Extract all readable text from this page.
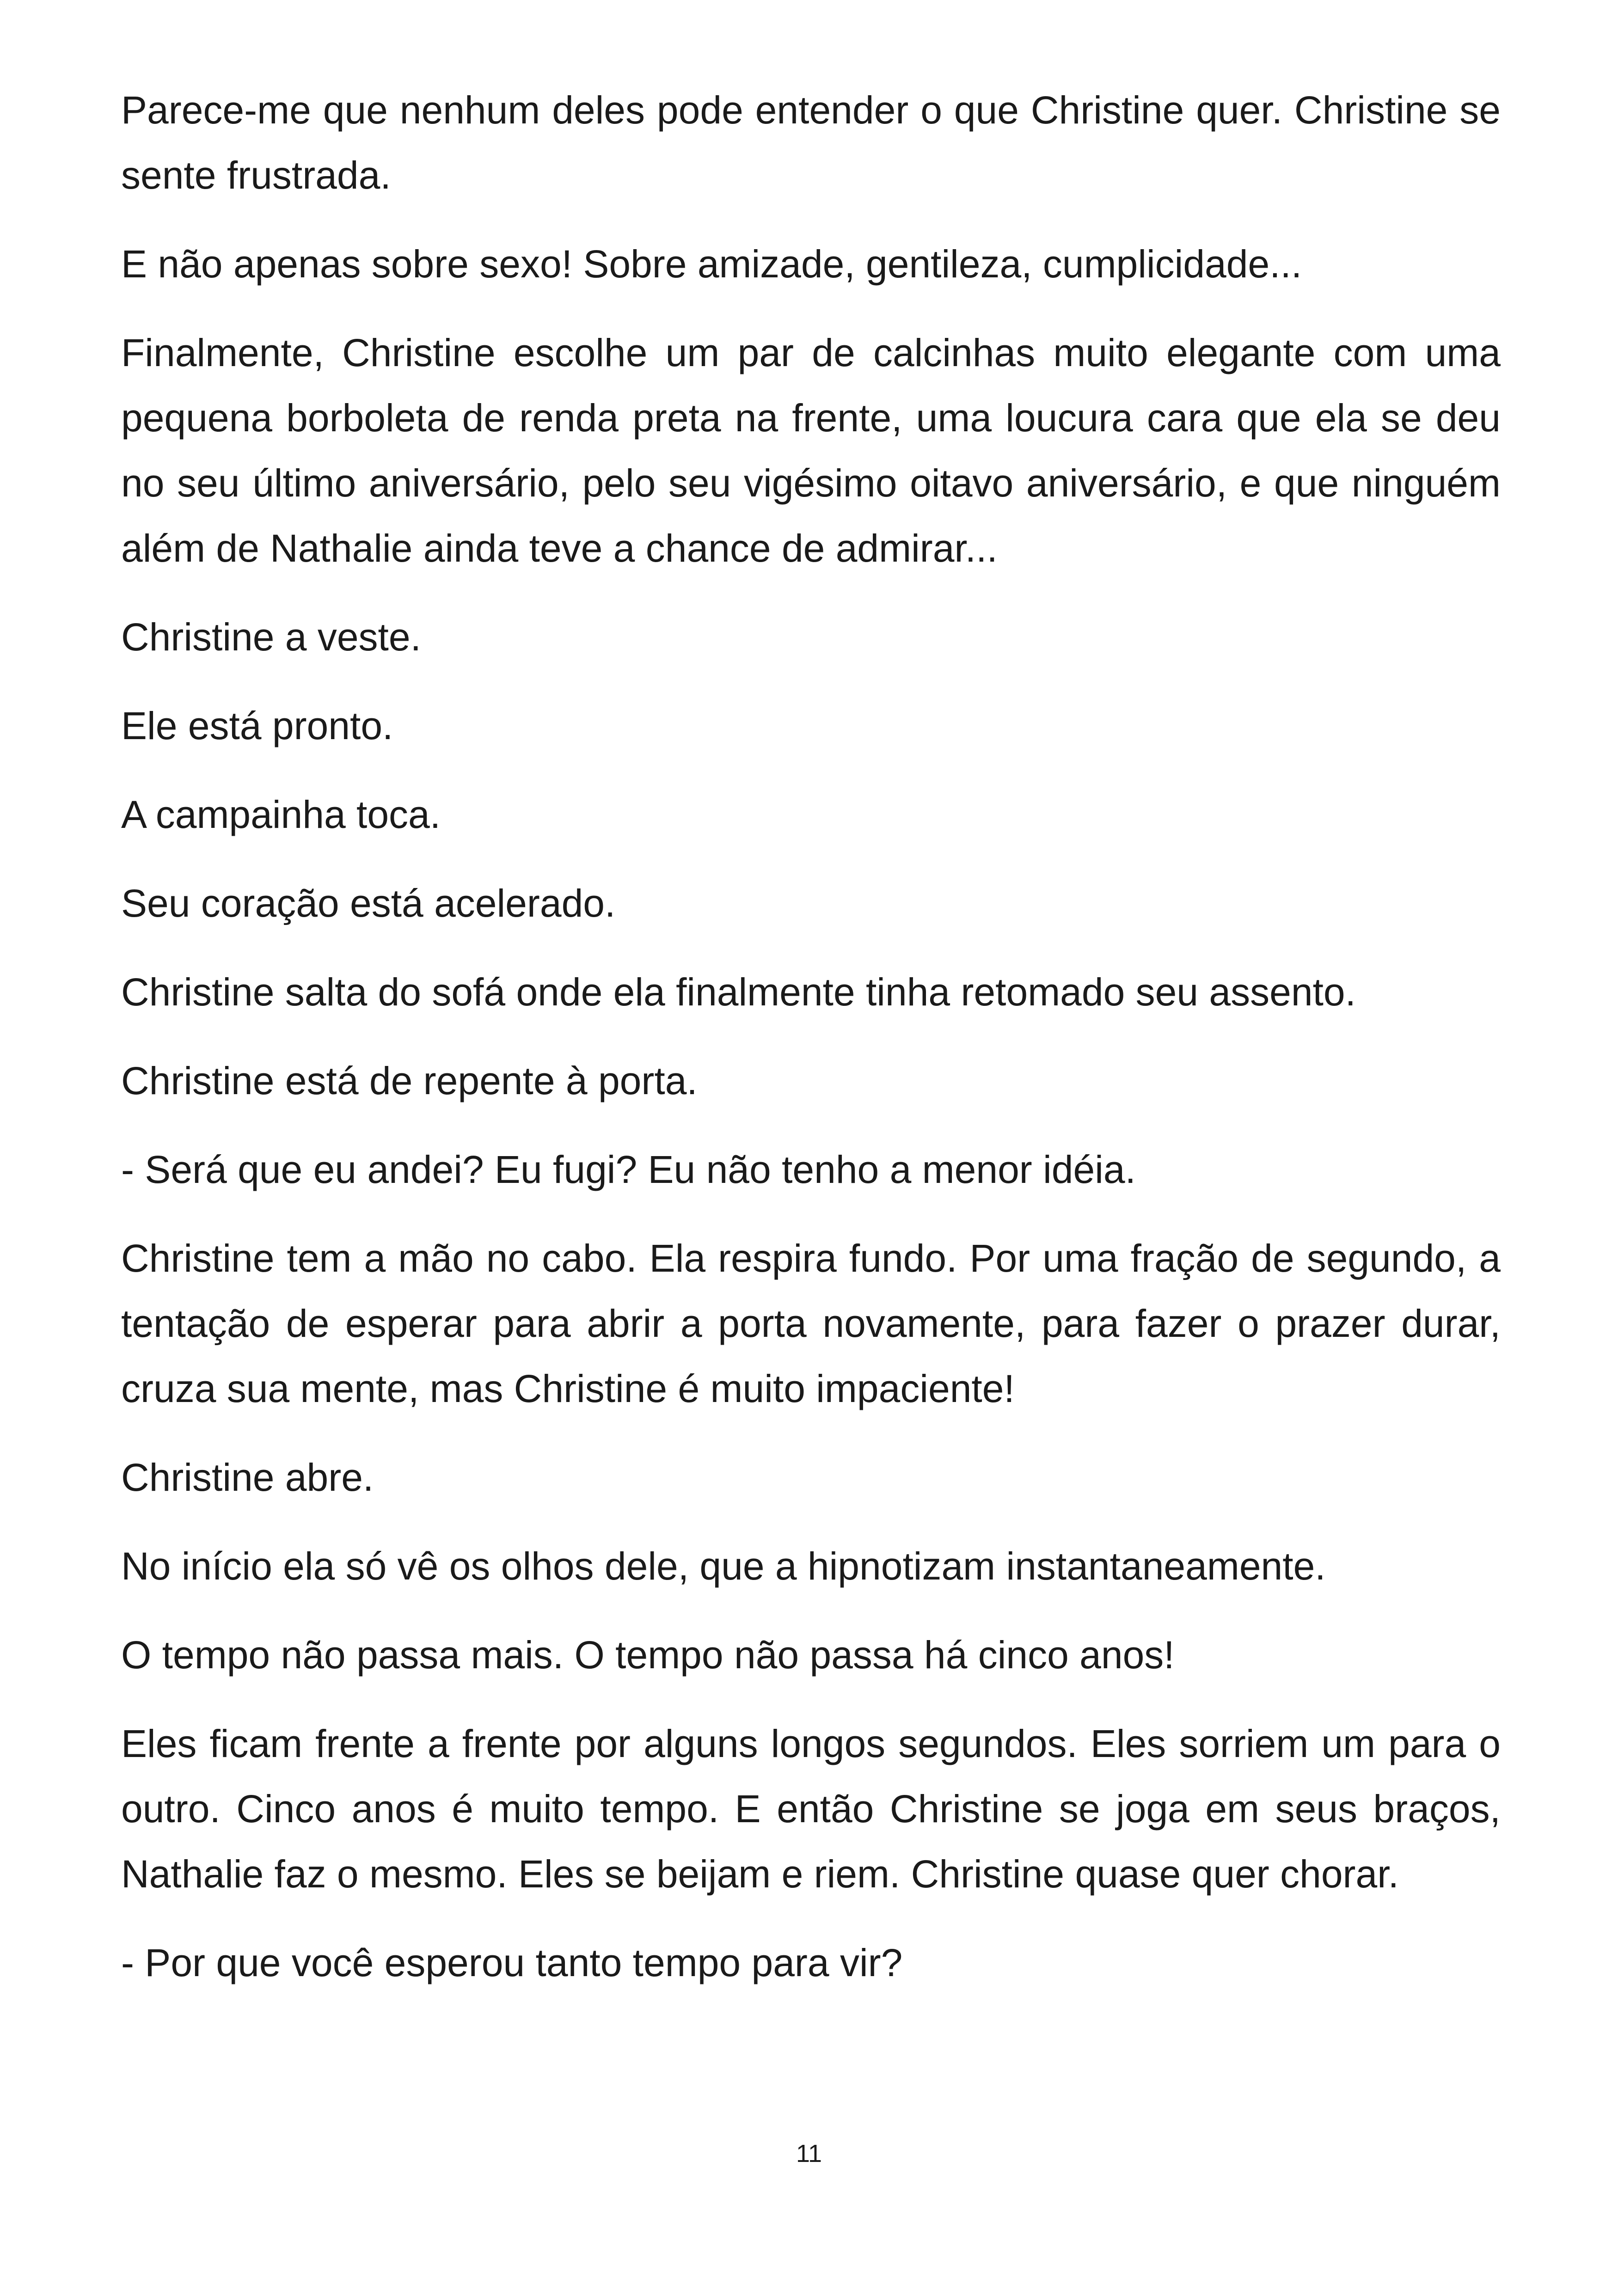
Parece-me que nenhum deles pode entender o que Christine quer. Christine se sente frustrada.

E não apenas sobre sexo! Sobre amizade, gentileza, cumplicidade...

Finalmente, Christine escolhe um par de calcinhas muito elegante com uma pequena borboleta de renda preta na frente, uma loucura cara que ela se deu no seu último aniversário, pelo seu vigésimo oitavo aniversário, e que ninguém além de Nathalie ainda teve a chance de admirar...

Christine a veste.

Ele está pronto.

A campainha toca.

Seu coração está acelerado.

Christine salta do sofá onde ela finalmente tinha retomado seu assento.

Christine está de repente à porta.

- Será que eu andei? Eu fugi? Eu não tenho a menor idéia.

Christine tem a mão no cabo. Ela respira fundo. Por uma fração de segundo, a tentação de esperar para abrir a porta novamente, para fazer o prazer durar, cruza sua mente, mas Christine é muito impaciente!

Christine abre.

No início ela só vê os olhos dele, que a hipnotizam instantaneamente.

O tempo não passa mais. O tempo não passa há cinco anos!

Eles ficam frente a frente por alguns longos segundos. Eles sorriem um para o outro. Cinco anos é muito tempo. E então Christine se joga em seus braços, Nathalie faz o mesmo. Eles se beijam e riem. Christine quase quer chorar.

- Por que você esperou tanto tempo para vir?

11
